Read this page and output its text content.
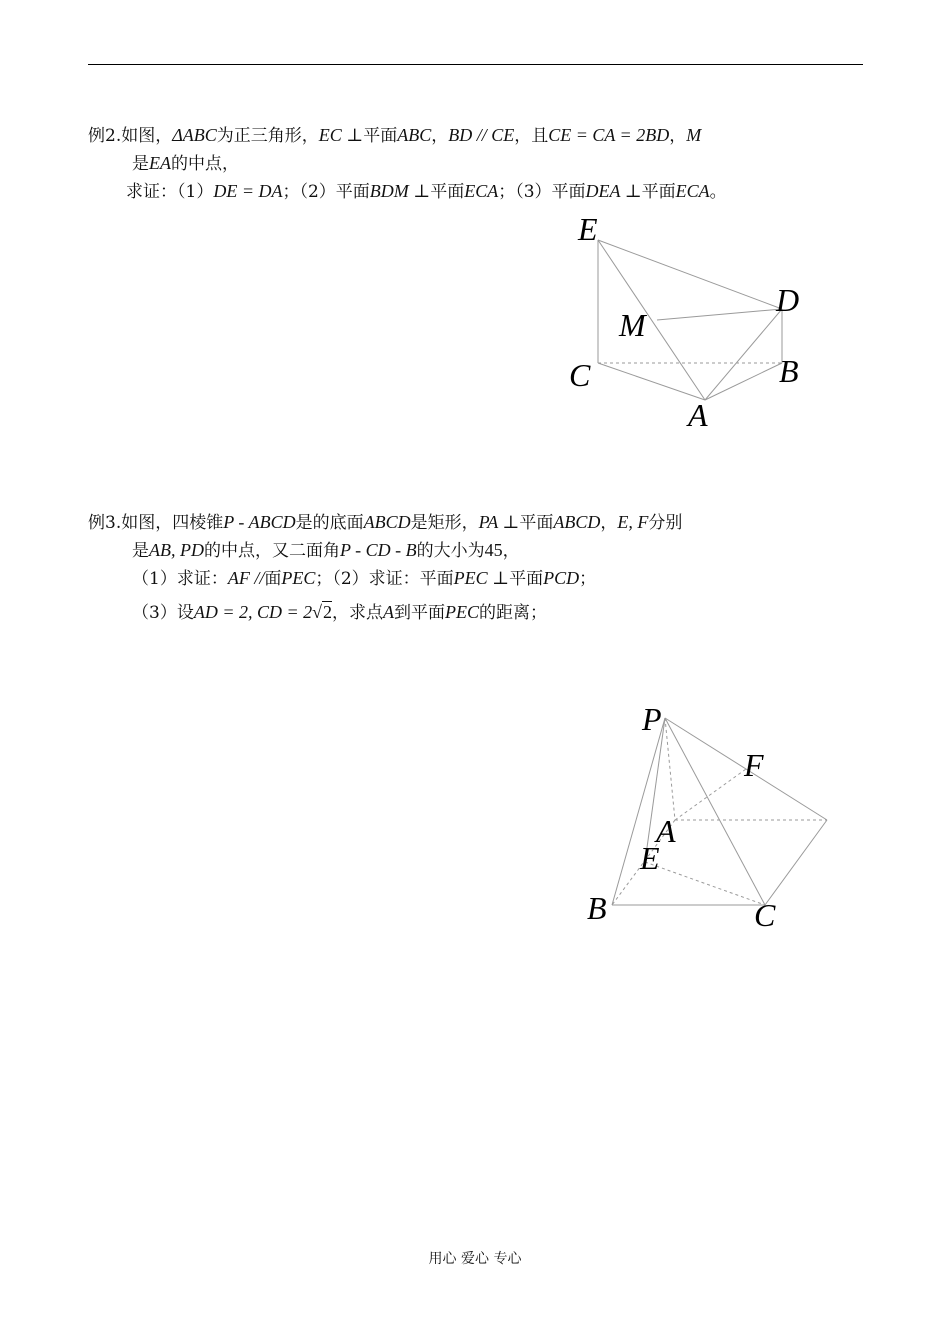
例2.如图，ΔABC为正三角形，EC ⊥平面ABC，BD // CE，且CE = CA = 2BD，M
是EA的中点，
求证：（1）DE = DA；（2）平面BDM ⊥平面ECA；（3）平面DEA ⊥平面ECA。
E
D
M
C	B
A
例3.如图，四棱锥P - ABCD是的底面ABCD是矩形，PA ⊥平面ABCD，E, F分别
是AB, PD的中点，又二面角P - CD - B的大小为45，
（1）求证：AF //面PEC；（2）求证：平面PEC ⊥平面PCD；
（3）设AD = 2, CD = 2√2，求点A到平面PEC的距离；
P
F
A
E
B	C
用心 爱心 专心
